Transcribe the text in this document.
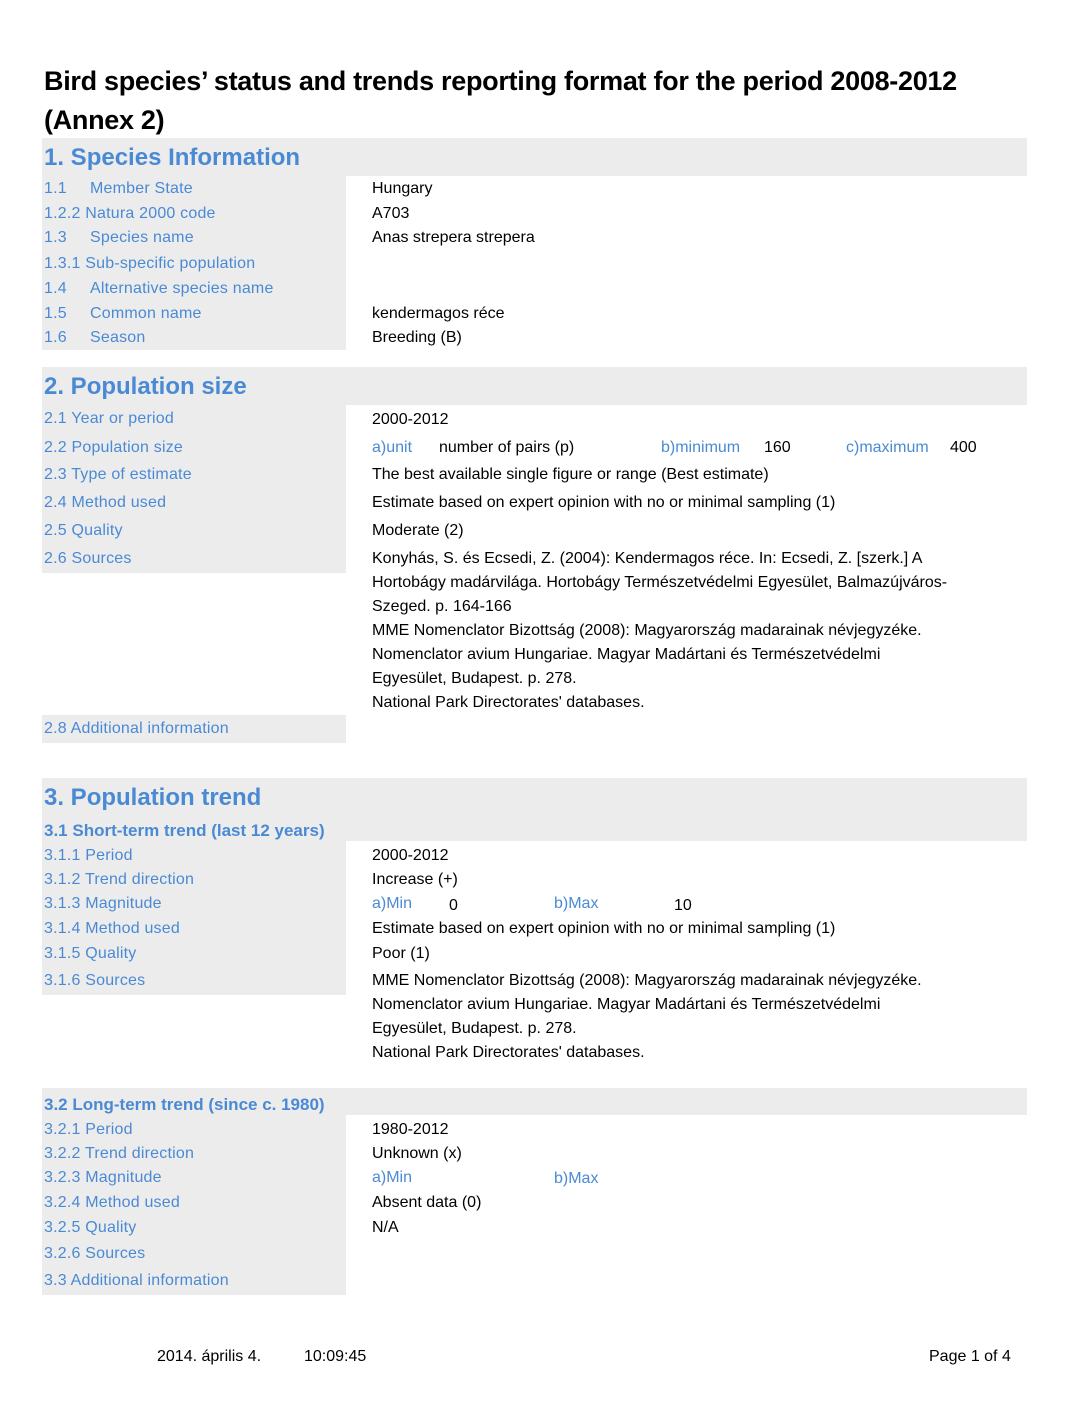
Bird species’ status and trends reporting format for the period 2008-2012 (Annex 2)
1. Species Information
1.1 Member State	Hungary
1.2.2 Natura 2000 code	A703
1.3 Species name	Anas strepera strepera
1.3.1 Sub-specific population
1.4 Alternative species name
1.5 Common name	kendermagos réce
1.6 Season	Breeding (B)
2. Population size
2.1 Year or period	2000-2012
2.2 Population size	a)unit number of pairs (p)	b)minimum 160	c)maximum 400
2.3 Type of estimate	The best available single figure or range (Best estimate)
2.4 Method used	Estimate based on expert opinion with no or minimal sampling (1)
2.5 Quality	Moderate (2)
2.6 Sources	Konyhás, S. és Ecsedi, Z. (2004): Kendermagos réce. In: Ecsedi, Z. [szerk.] A
Hortobágy madárvilága. Hortobágy Természetvédelmi Egyesület, Balmazújváros-
Szeged. p. 164-166
MME Nomenclator Bizottság (2008): Magyarország madarainak névjegyzéke.
Nomenclator avium Hungariae. Magyar Madártani és Természetvédelmi
Egyesület, Budapest. p. 278.
National Park Directorates' databases.
2.8 Additional information
3. Population trend
3.1 Short-term trend (last 12 years)
3.1.1 Period	2000-2012
3.1.2 Trend direction	Increase (+)
3.1.3 Magnitude	a)Min 0	b)Max	10
3.1.4 Method used	Estimate based on expert opinion with no or minimal sampling (1)
3.1.5 Quality	Poor (1)
3.1.6 Sources	MME Nomenclator Bizottság (2008): Magyarország madarainak névjegyzéke.
Nomenclator avium Hungariae. Magyar Madártani és Természetvédelmi
Egyesület, Budapest. p. 278.
National Park Directorates' databases.
3.2 Long-term trend (since c. 1980)
3.2.1 Period	1980-2012
3.2.2 Trend direction	Unknown (x)
3.2.3 Magnitude	a)Min	b)Max
3.2.4 Method used	Absent data (0)
3.2.5 Quality	N/A
3.2.6 Sources
3.3 Additional information
2014. április 4.	10:09:45	Page 1 of 4
